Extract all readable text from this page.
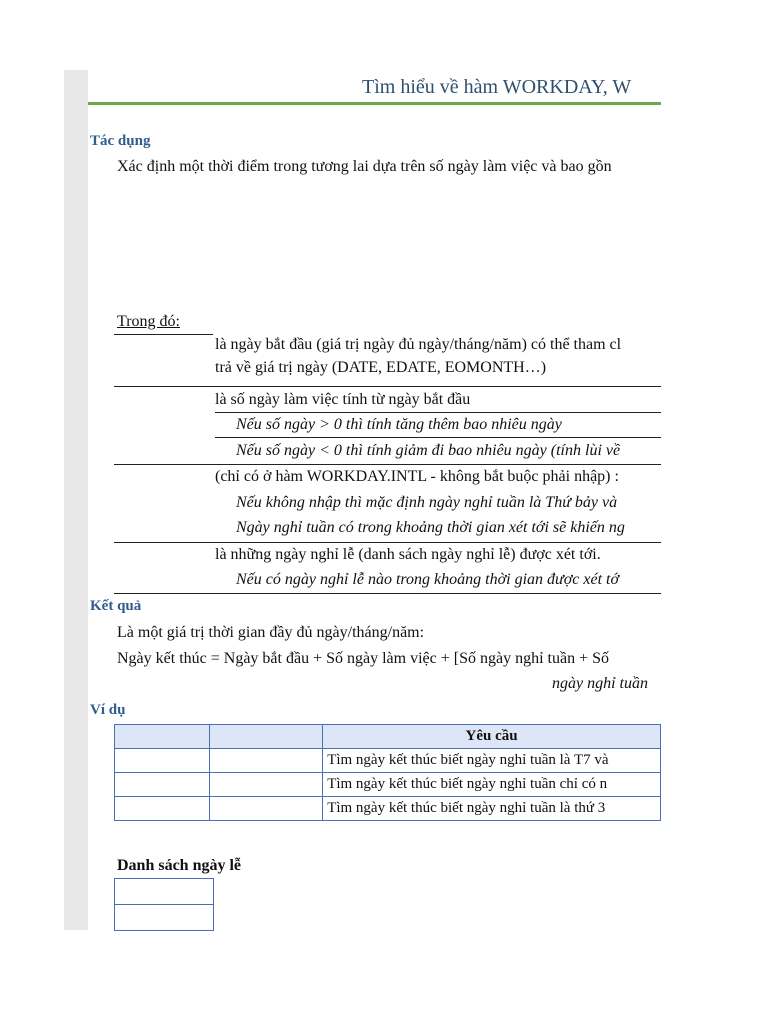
Tìm hiểu về hàm WORKDAY, W
Tác dụng
Xác định một thời điểm trong tương lai dựa trên số ngày làm việc và bao gồn
Trong đó:
là ngày bắt đầu (giá trị ngày đủ ngày/tháng/năm) có thể tham cl
trả về giá trị ngày (DATE, EDATE, EOMONTH…)
là số ngày làm việc tính từ ngày bắt đầu
Nếu số ngày > 0 thì tính tăng thêm bao nhiêu ngày
Nếu số ngày < 0 thì tính giảm đi bao nhiêu ngày (tính lùi về
(chỉ có ở hàm WORKDAY.INTL - không bắt buộc phải nhập) :
Nếu không nhập thì mặc định ngày nghỉ tuần là Thứ bảy và
Ngày nghỉ tuần có trong khoảng thời gian xét tới sẽ khiến ng
là những ngày nghỉ lễ (danh sách ngày nghỉ lễ) được xét tới.
Nếu có ngày nghỉ lễ nào trong khoảng thời gian được xét tớ
Kết quả
Là một giá trị thời gian đầy đủ ngày/tháng/năm:
Ngày kết thúc = Ngày bắt đầu + Số ngày làm việc + [Số ngày nghỉ tuần + Số
ngày nghỉ tuần
Ví dụ
		Yêu cầu
		Tìm ngày kết thúc biết ngày nghỉ tuần là T7 và
		Tìm ngày kết thúc biết ngày nghỉ tuần chỉ có n
		Tìm ngày kết thúc biết ngày nghỉ tuần là thứ 3
Danh sách ngày lễ
